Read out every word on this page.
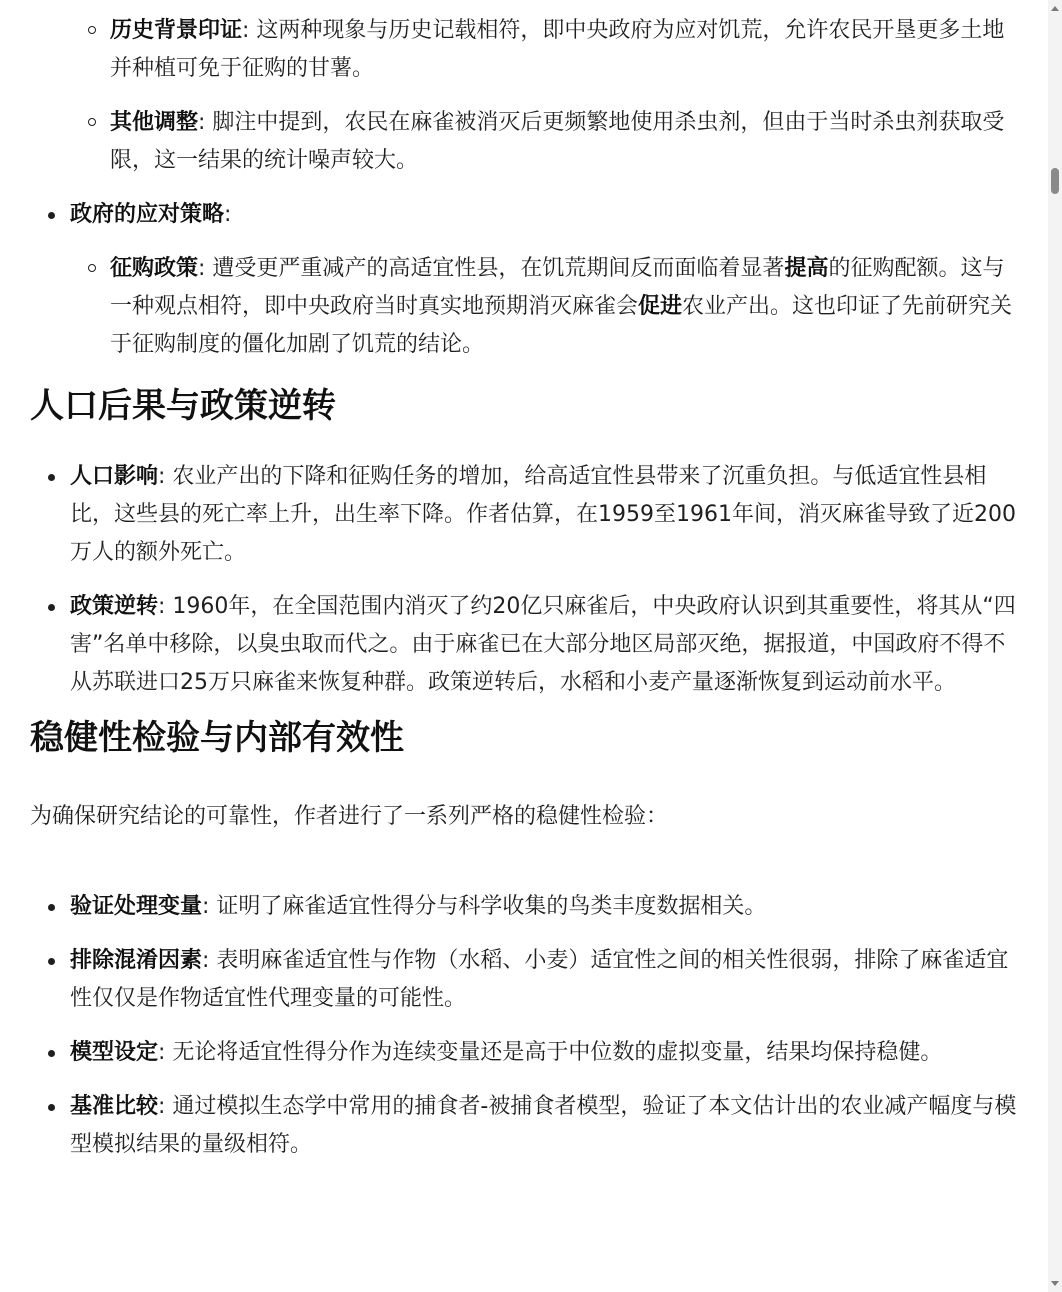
历史背景印证: 这两种现象与历史记载相符，即中央政府为应对饥荒，允许农民开垦更多土地并种植可免于征购的甘薯。
其他调整: 脚注中提到，农民在麻雀被消灭后更频繁地使用杀虫剂，但由于当时杀虫剂获取受限，这一结果的统计噪声较大。
政府的应对策略:
征购政策: 遭受更严重减产的高适宜性县，在饥荒期间反而面临着显著提高的征购配额。这与一种观点相符，即中央政府当时真实地预期消灭麻雀会促进农业产出。这也印证了先前研究关于征购制度的僵化加剧了饥荒的结论。
人口后果与政策逆转
人口影响: 农业产出的下降和征购任务的增加，给高适宜性县带来了沉重负担。与低适宜性县相比，这些县的死亡率上升，出生率下降。作者估算，在1959至1961年间，消灭麻雀导致了近200万人的额外死亡。
政策逆转: 1960年，在全国范围内消灭了约20亿只麻雀后，中央政府认识到其重要性，将其从“四害”名单中移除，以臭虫取而代之。由于麻雀已在大部分地区局部灭绝，据报道，中国政府不得不从苏联进口25万只麻雀来恢复种群。政策逆转后，水稻和小麦产量逐渐恢复到运动前水平。
稳健性检验与内部有效性

为确保研究结论的可靠性，作者进行了一系列严格的稳健性检验：

验证处理变量: 证明了麻雀适宜性得分与科学收集的鸟类丰度数据相关。
排除混淆因素: 表明麻雀适宜性与作物（水稻、小麦）适宜性之间的相关性很弱，排除了麻雀适宜性仅仅是作物适宜性代理变量的可能性。
模型设定: 无论将适宜性得分作为连续变量还是高于中位数的虚拟变量，结果均保持稳健。
基准比较: 通过模拟生态学中常用的捕食者-被捕食者模型，验证了本文估计出的农业减产幅度与模型模拟结果的量级相符。
